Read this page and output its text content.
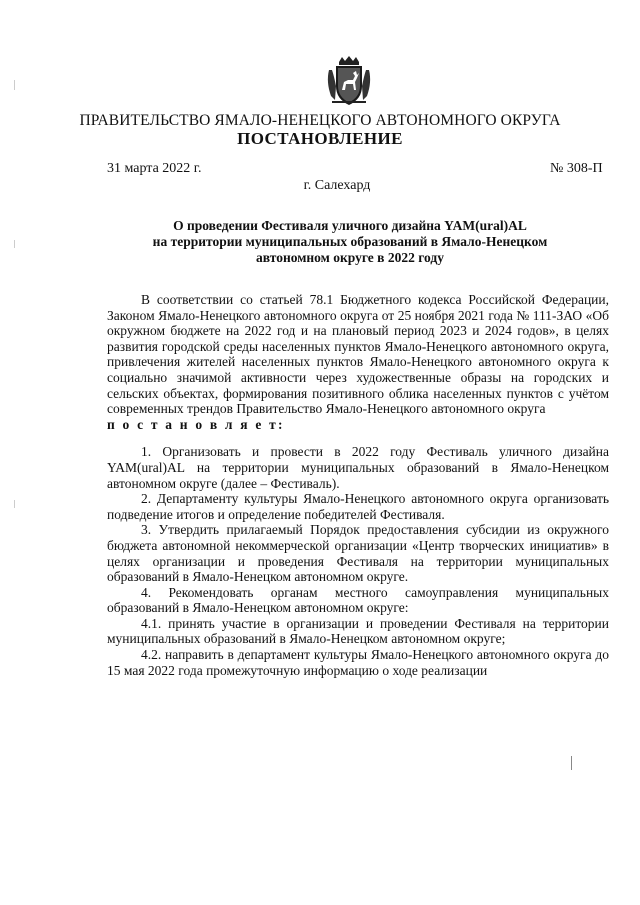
ПРАВИТЕЛЬСТВО ЯМАЛО-НЕНЕЦКОГО АВТОНОМНОГО ОКРУГА
ПОСТАНОВЛЕНИЕ
31 марта 2022 г.	№ 308-П
г. Салехард
О проведении Фестиваля уличного дизайна YAM(ural)AL
на территории муниципальных образований в Ямало-Ненецком
автономном округе в 2022 году

В соответствии со статьей 78.1 Бюджетного кодекса Российской Федерации, Законом Ямало-Ненецкого автономного округа от 25 ноября 2021 года № 111-ЗАО «Об окружном бюджете на 2022 год и на плановый период 2023 и 2024 годов», в целях развития городской среды населенных пунктов Ямало-Ненецкого автономного округа, привлечения жителей населенных пунктов Ямало-Ненецкого автономного округа к социально значимой активности через художественные образы на городских и сельских объектах, формирования позитивного облика населенных пунктов с учётом современных трендов Правительство Ямало-Ненецкого автономного округа

п о с т а н о в л я е т:

1. Организовать и провести в 2022 году Фестиваль уличного дизайна YAM(ural)AL на территории муниципальных образований в Ямало-Ненецком автономном округе (далее – Фестиваль).

2. Департаменту культуры Ямало-Ненецкого автономного округа организовать подведение итогов и определение победителей Фестиваля.

3. Утвердить прилагаемый Порядок предоставления субсидии из окружного бюджета автономной некоммерческой организации «Центр творческих инициатив» в целях организации и проведения Фестиваля на территории муниципальных образований в Ямало-Ненецком автономном округе.

4. Рекомендовать органам местного самоуправления муниципальных образований в Ямало-Ненецком автономном округе:

4.1. принять участие в организации и проведении Фестиваля на территории муниципальных образований в Ямало-Ненецком автономном округе;

4.2. направить в департамент культуры Ямало-Ненецкого автономного округа до 15 мая 2022 года промежуточную информацию о ходе реализации
